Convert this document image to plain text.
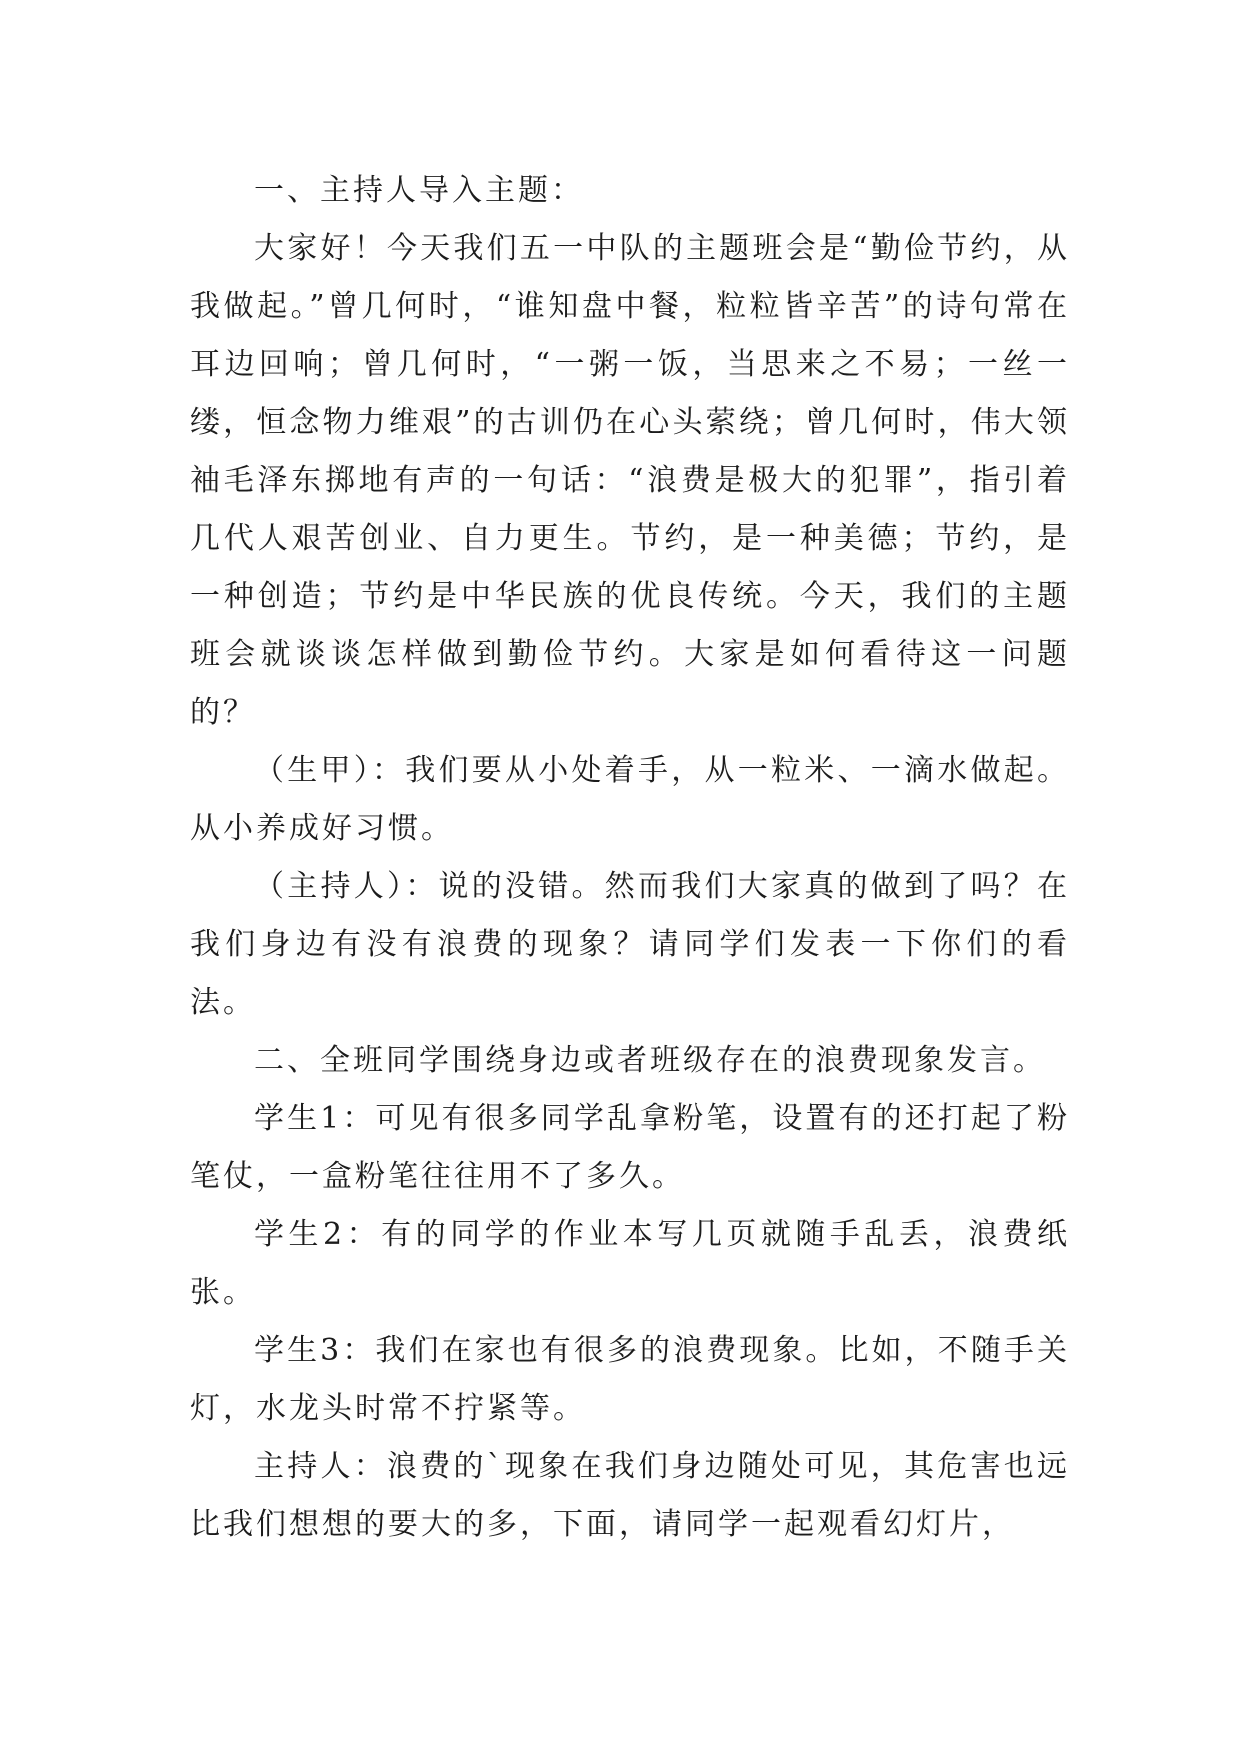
一、主持人导入主题：

大家好！今天我们五一中队的主题班会是“勤俭节约，从我做起。”曾几何时，“谁知盘中餐，粒粒皆辛苦”的诗句常在耳边回响；曾几何时，“一粥一饭，当思来之不易；一丝一缕，恒念物力维艰”的古训仍在心头萦绕；曾几何时，伟大领袖毛泽东掷地有声的一句话：“浪费是极大的犯罪”，指引着几代人艰苦创业、自力更生。节约，是一种美德；节约，是一种创造；节约是中华民族的优良传统。今天，我们的主题班会就谈谈怎样做到勤俭节约。大家是如何看待这一问题的？

（生甲）：我们要从小处着手，从一粒米、一滴水做起。从小养成好习惯。

（主持人）：说的没错。然而我们大家真的做到了吗？在我们身边有没有浪费的现象？请同学们发表一下你们的看法。

二、全班同学围绕身边或者班级存在的浪费现象发言。

学生1：可见有很多同学乱拿粉笔，设置有的还打起了粉笔仗，一盒粉笔往往用不了多久。

学生2：有的同学的作业本写几页就随手乱丢，浪费纸张。

学生3：我们在家也有很多的浪费现象。比如，不随手关灯，水龙头时常不拧紧等。

主持人：浪费的`现象在我们身边随处可见，其危害也远比我们想想的要大的多，下面，请同学一起观看幻灯片，
